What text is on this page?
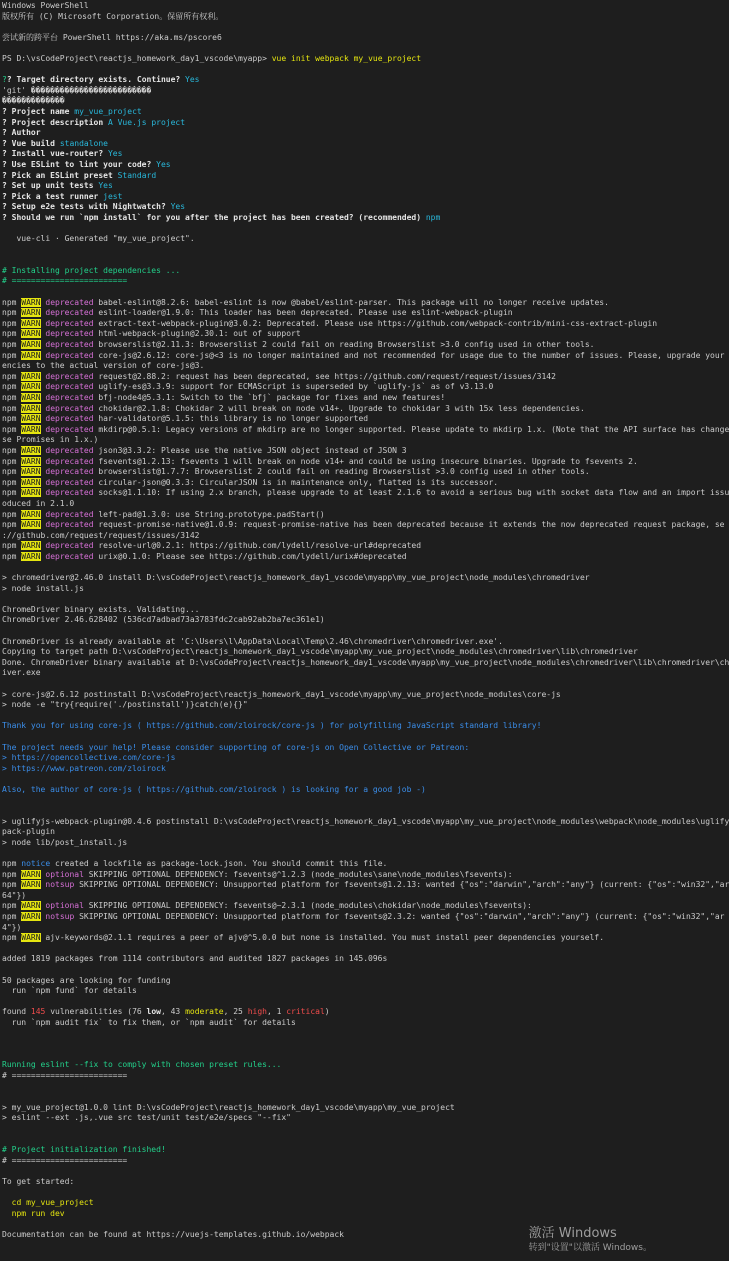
Windows PowerShell
版权所有 (C) Microsoft Corporation。保留所有权利。
尝试新的跨平台 PowerShell https://aka.ms/pscore6
PS D:\vsCodeProject\reactjs_homework_day1_vscode\myapp> vue init webpack my_vue_project
?? Target directory exists. Continue? Yes
'git' �������������������������
�������������
? Project name my_vue_project
? Project description A Vue.js project
? Author
? Vue build standalone
? Install vue-router? Yes
? Use ESLint to lint your code? Yes
? Pick an ESLint preset Standard
? Set up unit tests Yes
? Pick a test runner jest
? Setup e2e tests with Nightwatch? Yes
? Should we run `npm install` for you after the project has been created? (recommended) npm
vue-cli · Generated "my_vue_project".
# Installing project dependencies ...
# ========================
npm WARN deprecated babel-eslint@8.2.6: babel-eslint is now @babel/eslint-parser. This package will no longer receive updates.
npm WARN deprecated eslint-loader@1.9.0: This loader has been deprecated. Please use eslint-webpack-plugin
npm WARN deprecated extract-text-webpack-plugin@3.0.2: Deprecated. Please use https://github.com/webpack-contrib/mini-css-extract-plugin
npm WARN deprecated html-webpack-plugin@2.30.1: out of support
npm WARN deprecated browserslist@2.11.3: Browserslist 2 could fail on reading Browserslist >3.0 config used in other tools.
npm WARN deprecated core-js@2.6.12: core-js@<3 is no longer maintained and not recommended for usage due to the number of issues. Please, upgrade your
encies to the actual version of core-js@3.
npm WARN deprecated request@2.88.2: request has been deprecated, see https://github.com/request/request/issues/3142
npm WARN deprecated uglify-es@3.3.9: support for ECMAScript is superseded by `uglify-js` as of v3.13.0
npm WARN deprecated bfj-node4@5.3.1: Switch to the `bfj` package for fixes and new features!
npm WARN deprecated chokidar@2.1.8: Chokidar 2 will break on node v14+. Upgrade to chokidar 3 with 15x less dependencies.
npm WARN deprecated har-validator@5.1.5: this library is no longer supported
npm WARN deprecated mkdirp@0.5.1: Legacy versions of mkdirp are no longer supported. Please update to mkdirp 1.x. (Note that the API surface has change
se Promises in 1.x.)
npm WARN deprecated json3@3.3.2: Please use the native JSON object instead of JSON 3
npm WARN deprecated fsevents@1.2.13: fsevents 1 will break on node v14+ and could be using insecure binaries. Upgrade to fsevents 2.
npm WARN deprecated browserslist@1.7.7: Browserslist 2 could fail on reading Browserslist >3.0 config used in other tools.
npm WARN deprecated circular-json@0.3.3: CircularJSON is in maintenance only, flatted is its successor.
npm WARN deprecated socks@1.1.10: If using 2.x branch, please upgrade to at least 2.1.6 to avoid a serious bug with socket data flow and an import issu
oduced in 2.1.0
npm WARN deprecated left-pad@1.3.0: use String.prototype.padStart()
npm WARN deprecated request-promise-native@1.0.9: request-promise-native has been deprecated because it extends the now deprecated request package, se
://github.com/request/request/issues/3142
npm WARN deprecated resolve-url@0.2.1: https://github.com/lydell/resolve-url#deprecated
npm WARN deprecated urix@0.1.0: Please see https://github.com/lydell/urix#deprecated
> chromedriver@2.46.0 install D:\vsCodeProject\reactjs_homework_day1_vscode\myapp\my_vue_project\node_modules\chromedriver
> node install.js
ChromeDriver binary exists. Validating...
ChromeDriver 2.46.628402 (536cd7adbad73a3783fdc2cab92ab2ba7ec361e1)
ChromeDriver is already available at 'C:\Users\l\AppData\Local\Temp\2.46\chromedriver\chromedriver.exe'.
Copying to target path D:\vsCodeProject\reactjs_homework_day1_vscode\myapp\my_vue_project\node_modules\chromedriver\lib\chromedriver
Done. ChromeDriver binary available at D:\vsCodeProject\reactjs_homework_day1_vscode\myapp\my_vue_project\node_modules\chromedriver\lib\chromedriver\ch
iver.exe
> core-js@2.6.12 postinstall D:\vsCodeProject\reactjs_homework_day1_vscode\myapp\my_vue_project\node_modules\core-js
> node -e "try{require('./postinstall')}catch(e){}"
Thank you for using core-js ( https://github.com/zloirock/core-js ) for polyfilling JavaScript standard library!
The project needs your help! Please consider supporting of core-js on Open Collective or Patreon:
> https://opencollective.com/core-js
> https://www.patreon.com/zloirock
Also, the author of core-js ( https://github.com/zloirock ) is looking for a good job -)
> uglifyjs-webpack-plugin@0.4.6 postinstall D:\vsCodeProject\reactjs_homework_day1_vscode\myapp\my_vue_project\node_modules\webpack\node_modules\uglify
pack-plugin
> node lib/post_install.js
npm notice created a lockfile as package-lock.json. You should commit this file.
npm WARN optional SKIPPING OPTIONAL DEPENDENCY: fsevents@^1.2.3 (node_modules\sane\node_modules\fsevents):
npm WARN notsup SKIPPING OPTIONAL DEPENDENCY: Unsupported platform for fsevents@1.2.13: wanted {"os":"darwin","arch":"any"} (current: {"os":"win32","ar
64"})
npm WARN optional SKIPPING OPTIONAL DEPENDENCY: fsevents@~2.3.1 (node_modules\chokidar\node_modules\fsevents):
npm WARN notsup SKIPPING OPTIONAL DEPENDENCY: Unsupported platform for fsevents@2.3.2: wanted {"os":"darwin","arch":"any"} (current: {"os":"win32","ar
4"})
npm WARN ajv-keywords@2.1.1 requires a peer of ajv@^5.0.0 but none is installed. You must install peer dependencies yourself.
added 1819 packages from 1114 contributors and audited 1827 packages in 145.096s
50 packages are looking for funding
run `npm fund` for details
found 145 vulnerabilities (76 low, 43 moderate, 25 high, 1 critical)
run `npm audit fix` to fix them, or `npm audit` for details
Running eslint --fix to comply with chosen preset rules...
# ========================
> my_vue_project@1.0.0 lint D:\vsCodeProject\reactjs_homework_day1_vscode\myapp\my_vue_project
> eslint --ext .js,.vue src test/unit test/e2e/specs "--fix"
# Project initialization finished!
# ========================
To get started:
cd my_vue_project
npm run dev
Documentation can be found at https://vuejs-templates.github.io/webpack	激活 Windows
转到"设置"以激活 Windows。
